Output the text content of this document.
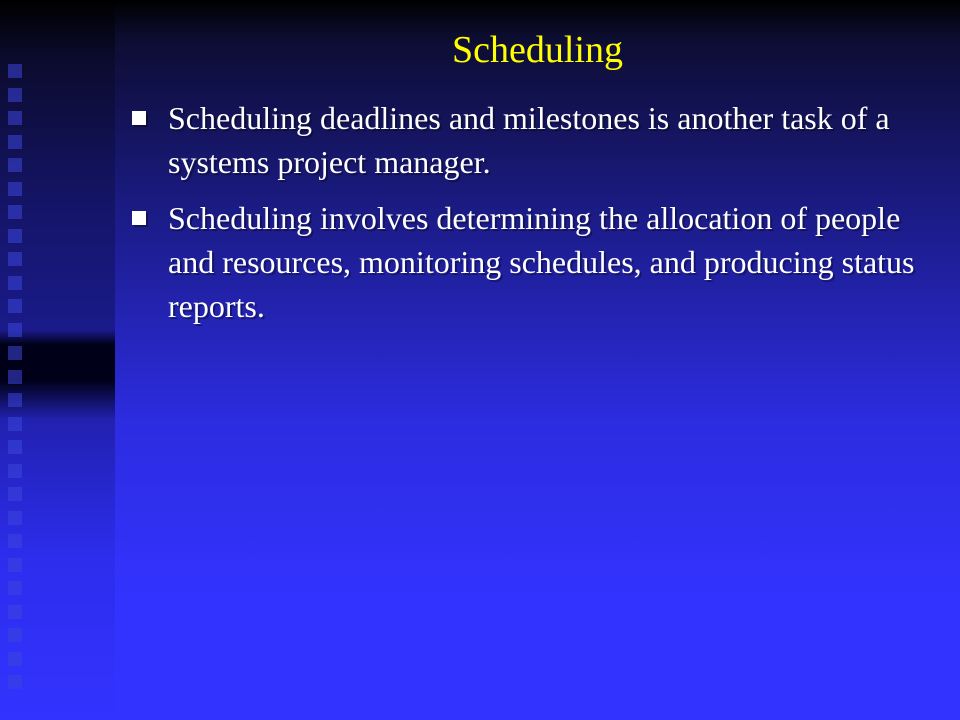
Scheduling
Scheduling deadlines and milestones is another task of a systems project manager.
Scheduling involves determining the allocation of people and resources, monitoring schedules, and producing status reports.
